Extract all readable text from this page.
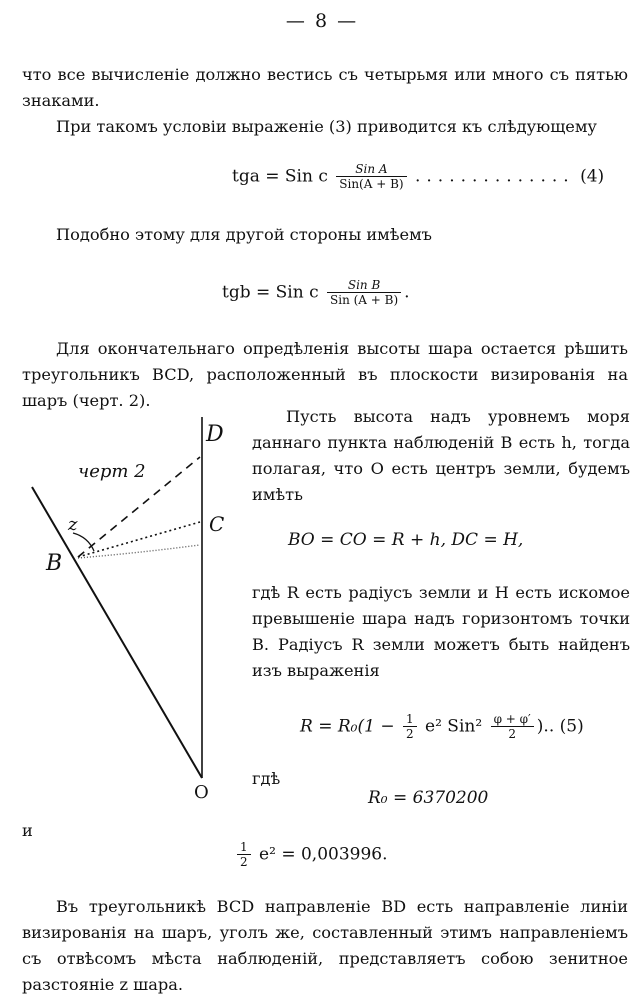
— 8 —
что все вычисленіе должно вестись съ четырьмя или много съ пятью знаками.
При такомъ условіи выраженіе (3) приводится къ слѣдующему
tga = Sin c $\frac{\text{Sin A}}{\text{Sin(A + B)}}$ .............. (4)
Подобно этому для другой стороны имѣемъ
tgb = Sin c $\frac{\text{Sin B}}{\text{Sin (A + B)}}$ .
Для окончательнаго опредѣленія высоты шара остается рѣшить треугольникъ BCD, расположенный въ плоскости визированія на шаръ (черт. 2).
черт 2
D
C
B
z
O
Пусть высота надъ уровнемъ моря даннаго пункта наблюденій B есть h, тогда полагая, что O есть центръ земли, будемъ имѣть
BO = CO = R + h, DC = H,
гдѣ R есть радіусъ земли и H есть искомое превышеніе шара надъ горизонтомъ точки B. Радіусъ R земли можетъ быть найденъ изъ выраженія
$R = R_0(1 - \frac{1}{2} e^2$ $Sin^2 \frac{\varphi + \varphi'}{2}$ ).. (5)
гдѣ
R₀ = 6370200
и
$\frac{1}{2} e^2 = 0,003996$.
Въ треугольникѣ BCD направленіе BD есть направленіе линіи визированія на шаръ, уголъ же, составленный этимъ направленіемъ съ отвѣсомъ мѣста наблюденій, представляетъ собою зенитное разстояніе z шара.
